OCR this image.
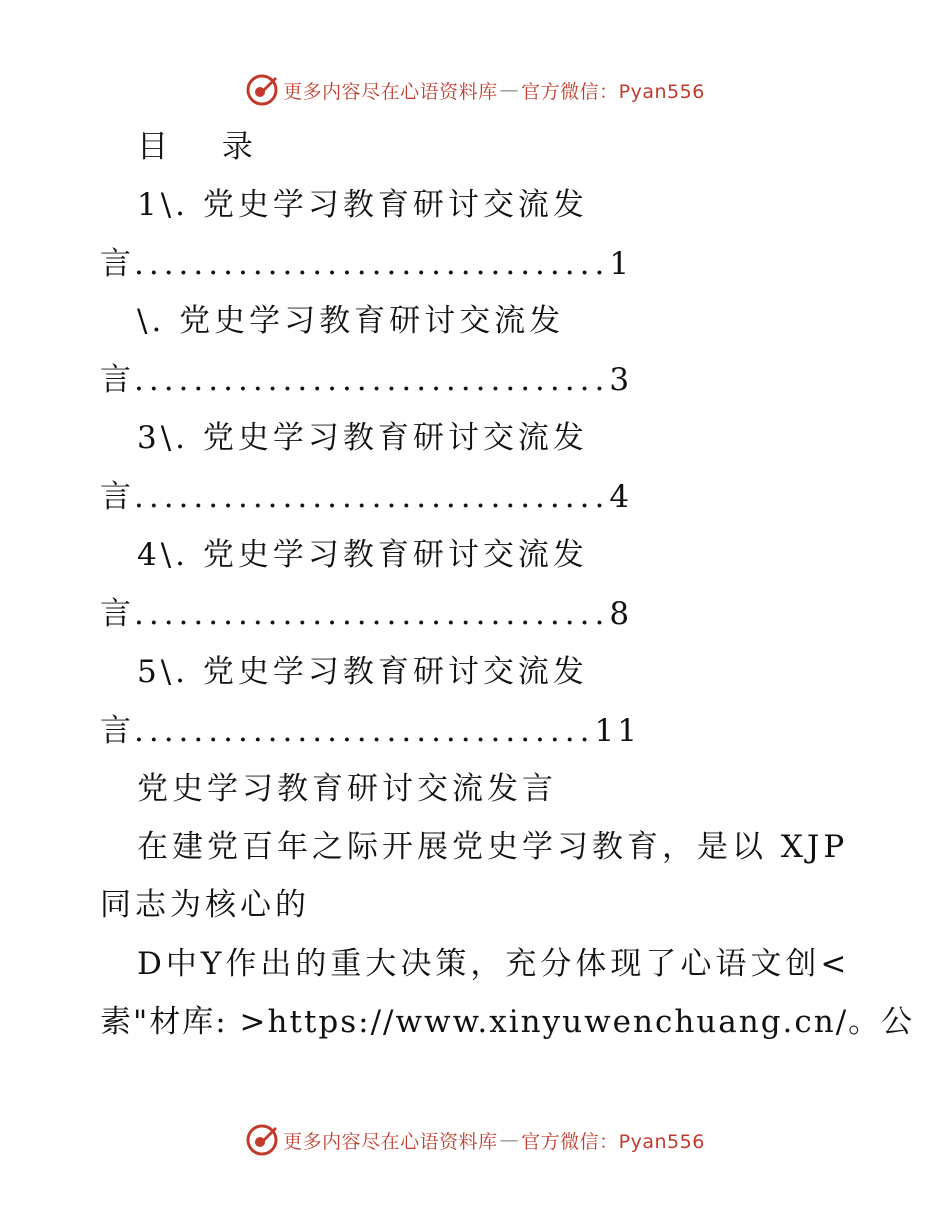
更多内容尽在心语资料库 — 官方微信：Pyan556
目 录
1\. 党史学习教育研讨交流发
言................................1
\. 党史学习教育研讨交流发
言................................3
3\. 党史学习教育研讨交流发
言................................4
4\. 党史学习教育研讨交流发
言................................8
5\. 党史学习教育研讨交流发
言...............................11
党史学习教育研讨交流发言
在建党百年之际开展党史学习教育，是以 XJP
同志为核心的
D中Y作出的重大决策，充分体现了心语文创<
素"材库: >https://www.xinyuwenchuang.cn/。公
更多内容尽在心语资料库 — 官方微信：Pyan556
